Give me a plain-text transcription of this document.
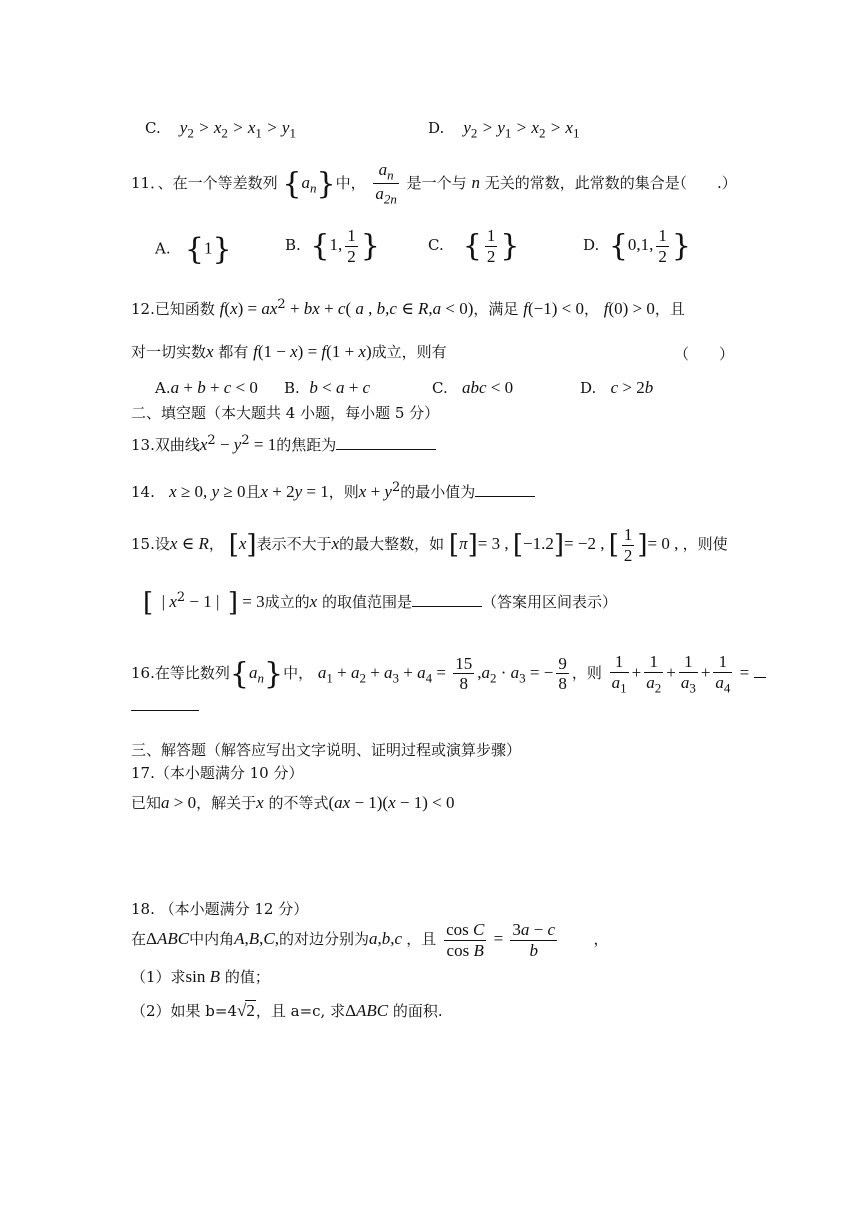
C. $y_2 > x_2 > x_1 > y_1$	D. $y_2 > y_1 > x_2 > x_1$
11．、在一个等差数列 $\{a_n\}$中， $\frac{a_n}{a_{2n}}$ 是一个与 n 无关的常数，此常数的集合是
（　　.）
A. {1}	B. {1, $\frac{1}{2}$ }	C. { $\frac{1}{2}$ }	D. {0,1, $\frac{1}{2}$ }
12.已知函数 $f(x) = ax^2$ + bx + c( a , b,c ∈ R,a < 0)，满足 f(−1) < 0， f(0) > 0，且
对一切实数x 都有 f(1 − x) = f(1 + x)成立，则有	（　　）
A.a + b + c < 0 B. b < a + c	C. abc < 0	D. c > 2b
二、填空题（本大题共 4 小题，每小题 5 分）
13.双曲线$x^2 - y^2 = 1$的焦距为
14. x ≥ 0, y ≥ 0且x + 2y = 1，则$x + y^2$的最小值为
15.设x ∈ R， [x]表示不大于x的最大整数，如 [π]= 3 , [−1.2]= −2 , [ $\frac{1}{2}$ ]= 0 , ，则使
[  | $x^2 - 1$ |  ] = 3成立的x 的取值范围是	（答案用区间表示）
16.在等比数列$\{a_n\}$中， $a_1 + a_2 + a_3 + a_4 = \frac{15}{8} ,a_2 \cdot a_3$ = − $\frac{9}{8}$ ，则 $\frac{1}{a_1} + \frac{1}{a_2} + \frac{1}{a_3} + \frac{1}{a_4}$ =
三、解答题（解答应写出文字说明、证明过程或演算步骤）
17.（本小题满分 10 分）
已知a > 0，解关于x 的不等式(ax − 1)(x − 1) < 0
18. （本小题满分 12 分）
在ΔABC中内角A,B,C,的对边分别为a,b,c ，且 $\frac{\text{cos C}}{\text{cos B}} = \frac{3a - c}{b}$ ，
（1）求sin B 的值；
（2）如果 b=4√2，且 a=c, 求ΔABC 的面积.
